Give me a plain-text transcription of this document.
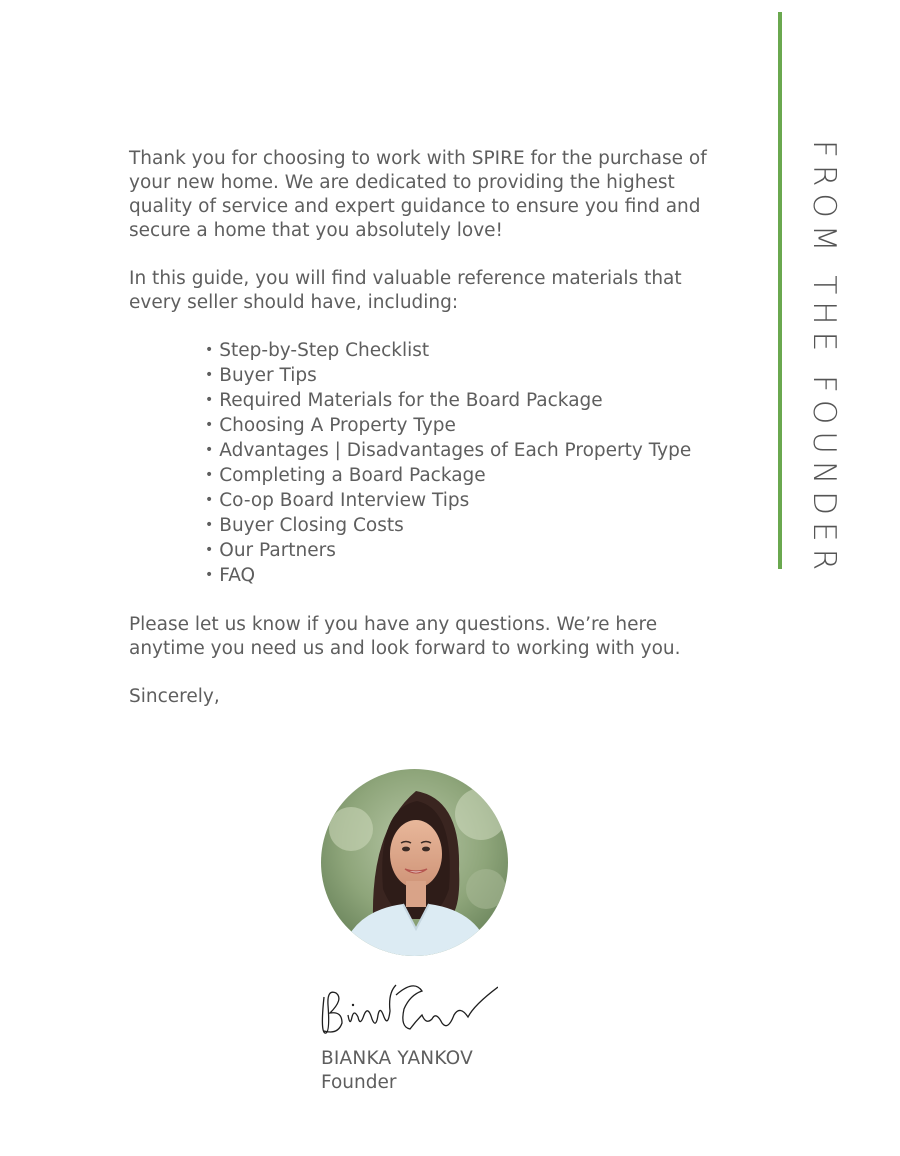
FROM THE FOUNDER

Thank you for choosing to work with SPIRE for the purchase of your new home. We are dedicated to providing the highest quality of service and expert guidance to ensure you find and secure a home that you absolutely love!

In this guide, you will find valuable reference materials that every seller should have, including:

• Step-by-Step Checklist
• Buyer Tips
• Required Materials for the Board Package
• Choosing A Property Type
• Advantages | Disadvantages of Each Property Type
• Completing a Board Package
• Co-op Board Interview Tips
• Buyer Closing Costs
• Our Partners
• FAQ

Please let us know if you have any questions. We’re here anytime you need us and look forward to working with you.

Sincerely,

BIANKA YANKOV
Founder
